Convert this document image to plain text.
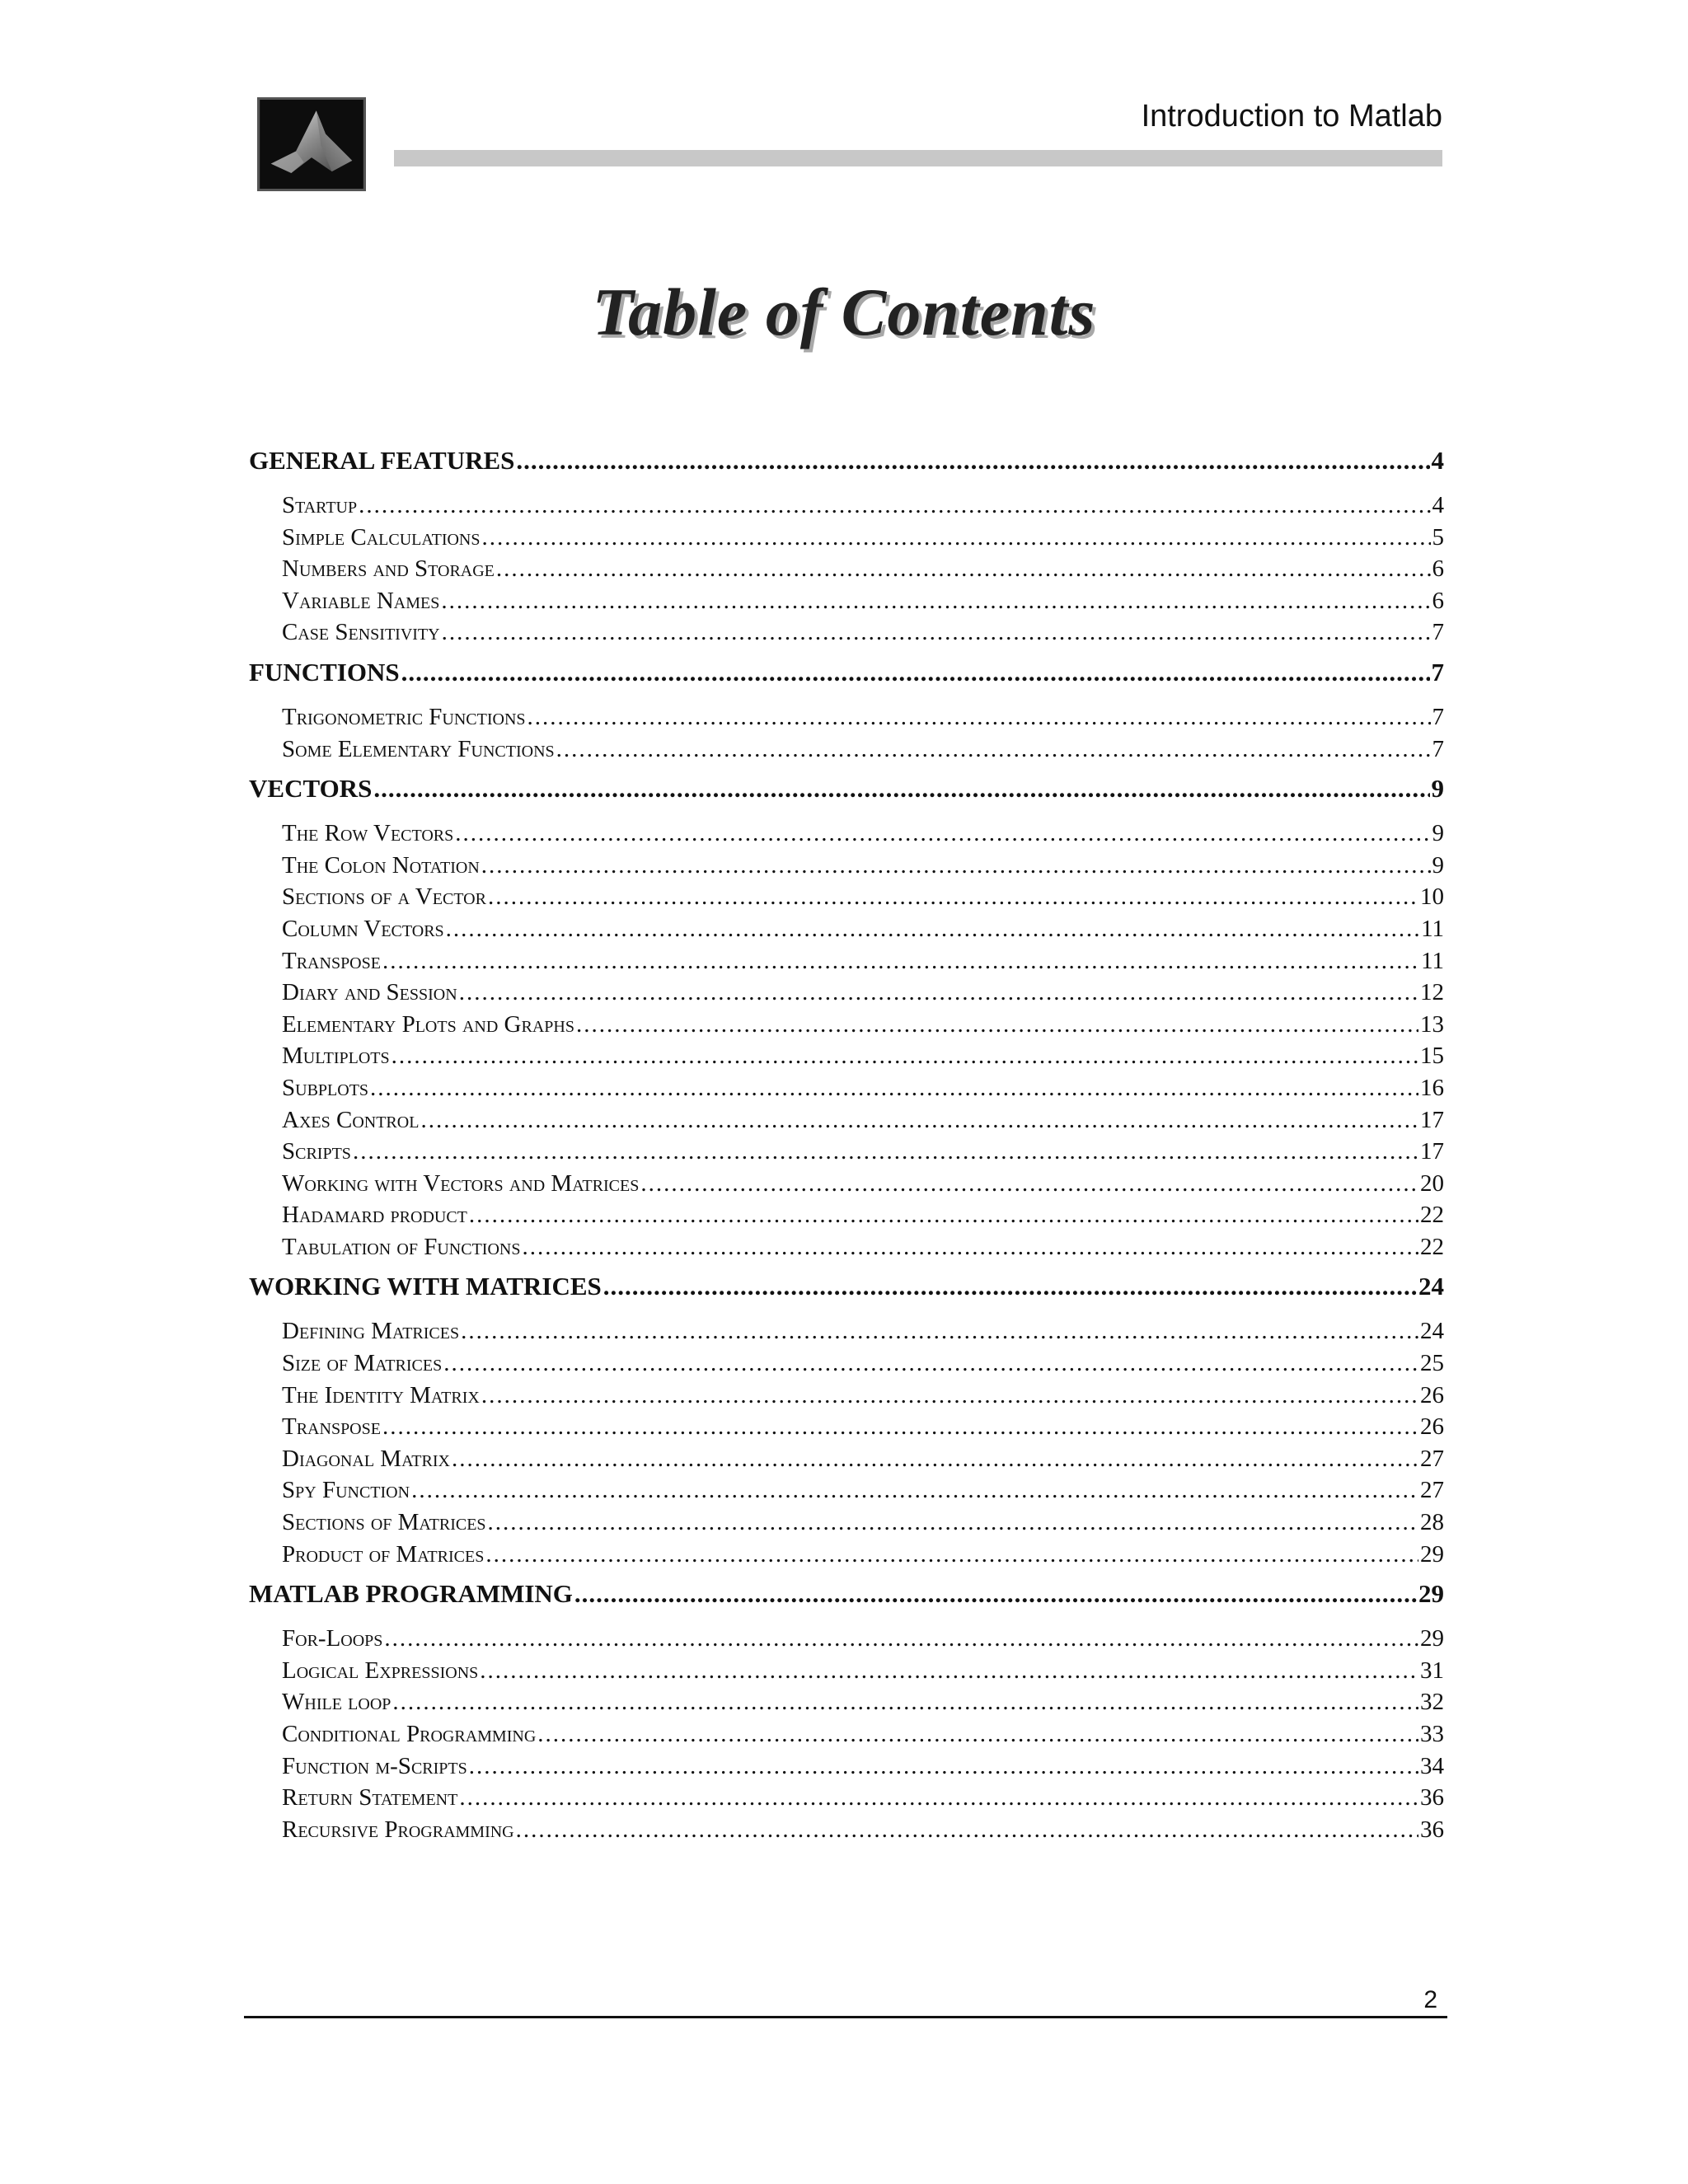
Introduction to Matlab
Table of Contents
GENERAL FEATURES .....	4
Startup .....	4
Simple Calculations .....	5
Numbers and Storage .....	6
Variable Names .....	6
Case Sensitivity .....	7
FUNCTIONS .....	7
Trigonometric Functions .....	7
Some Elementary Functions .....	7
VECTORS .....	9
The Row Vectors .....	9
The Colon Notation .....	9
Sections of a Vector .....	10
Column Vectors .....	11
Transpose .....	11
Diary and Session .....	12
Elementary Plots and Graphs .....	13
Multiplots .....	15
Subplots .....	16
Axes Control .....	17
Scripts .....	17
Working with Vectors and Matrices .....	20
Hadamard product .....	22
Tabulation of Functions .....	22
WORKING WITH MATRICES .....	24
Defining Matrices .....	24
Size of Matrices .....	25
The Identity Matrix .....	26
Transpose .....	26
Diagonal Matrix .....	27
Spy Function .....	27
Sections of Matrices .....	28
Product of Matrices .....	29
MATLAB PROGRAMMING .....	29
For-Loops .....	29
Logical Expressions .....	31
While loop .....	32
Conditional Programming .....	33
Function m-Scripts .....	34
Return Statement .....	36
Recursive Programming .....	36
2
